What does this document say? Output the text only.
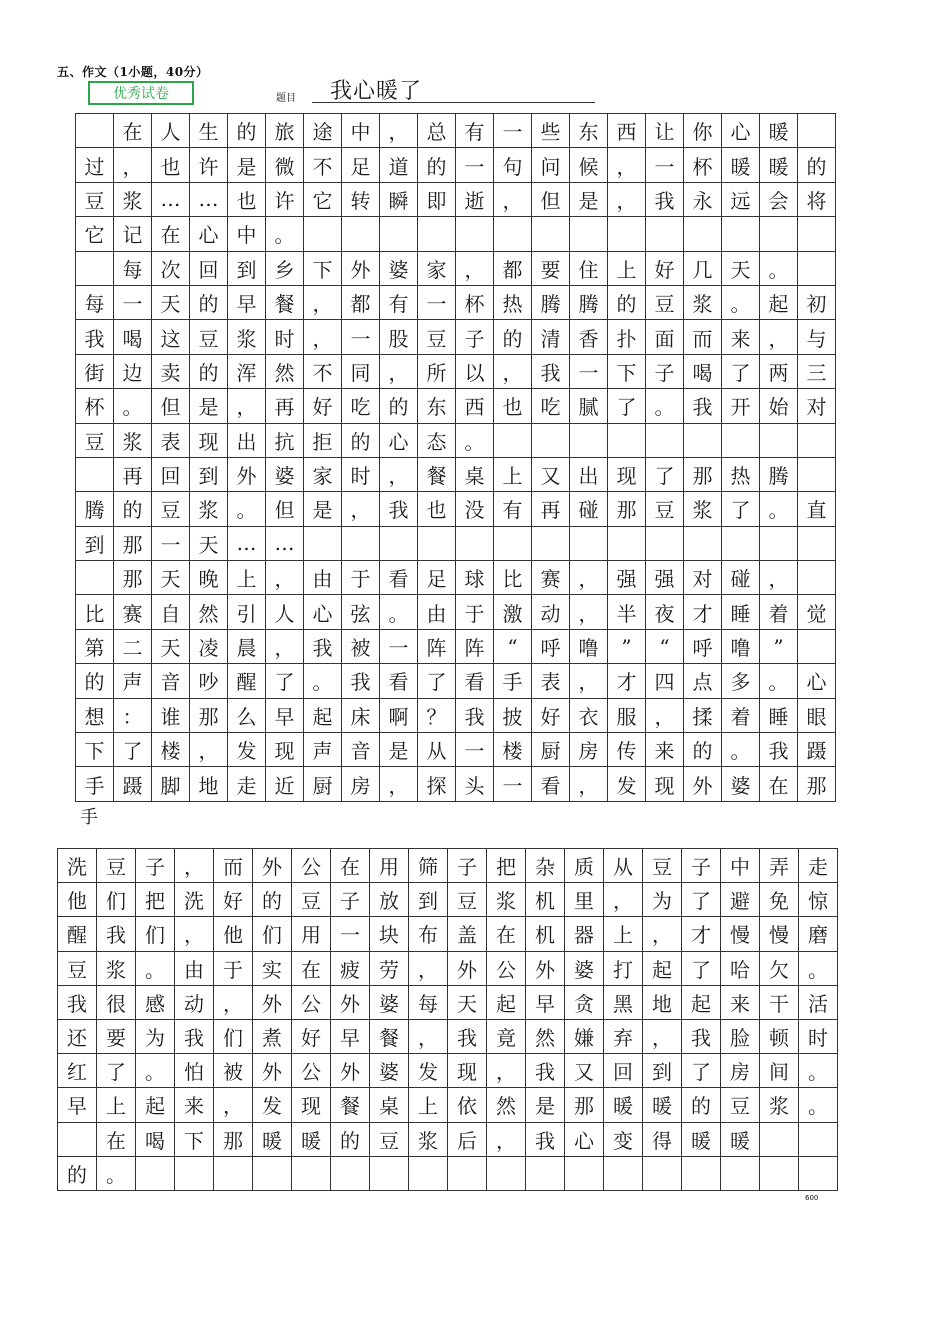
五、作文（1小题，40分）
优秀试卷	题目 我心暖了
在 人 生 的 旅 途 中 ， 总 有 一 些 东 西 让 你 心 暖
过 ， 也 许 是 微 不 足 道 的 一 句 问 候 ， 一 杯 暖 暖 的
豆 浆 … … 也 许 它 转 瞬 即 逝 ， 但 是 ， 我 永 远 会 将
它 记 在 心 中 。
每 次 回 到 乡 下 外 婆 家 ， 都 要 住 上 好 几 天 。
每 一 天 的 早 餐 ， 都 有 一 杯 热 腾 腾 的 豆 浆 。 起 初
我 喝 这 豆 浆 时 ， 一 股 豆 子 的 清 香 扑 面 而 来 ， 与
街 边 卖 的 浑 然 不 同 ， 所 以 ， 我 一 下 子 喝 了 两 三
杯 。 但 是 ， 再 好 吃 的 东 西 也 吃 腻 了 。 我 开 始 对
豆 浆 表 现 出 抗 拒 的 心 态 。
再 回 到 外 婆 家 时 ， 餐 桌 上 又 出 现 了 那 热 腾
腾 的 豆 浆 。 但 是 ， 我 也 没 有 再 碰 那 豆 浆 了 。 直
到 那 一 天 … …
那 天 晚 上 ， 由 于 看 足 球 比 赛 ， 强 强 对 碰 ，
比 赛 自 然 引 人 心 弦 。 由 于 激 动 ， 半 夜 才 睡 着 觉
第 二 天 凌 晨 ， 我 被 一 阵 阵	“	呼 噜	”	“	呼 噜	”
的 声 音 吵 醒 了 。 我 看 了 看 手 表 ， 才 四 点 多 。 心
想 ： 谁 那 么 早 起 床 啊 ？ 我 披 好 衣 服 ， 揉 着 睡 眼
下 了 楼 ， 发 现 声 音 是 从 一 楼 厨 房 传 来 的 。 我 蹑
手 蹑 脚 地 走 近 厨 房 ， 探 头 一 看 ， 发 现 外 婆 在 那
手
洗 豆 子 ， 而 外 公 在 用 筛 子 把 杂 质 从 豆 子 中 弄 走
他 们 把 洗 好 的 豆 子 放 到 豆 浆 机 里 ， 为 了 避 免 惊
醒 我 们 ， 他 们 用 一 块 布 盖 在 机 器 上 ， 才 慢 慢 磨
豆 浆 。 由 于 实 在 疲 劳 ， 外 公 外 婆 打 起 了 哈 欠 。
我 很 感 动 ， 外 公 外 婆 每 天 起 早 贪 黑 地 起 来 干 活
还 要 为 我 们 煮 好 早 餐 ， 我 竟 然 嫌 弃 ， 我 脸 顿 时
红 了 。 怕 被 外 公 外 婆 发 现 ， 我 又 回 到 了 房 间 。
早 上 起 来 ， 发 现 餐 桌 上 依 然 是 那 暖 暖 的 豆 浆 。
在 喝 下 那 暖 暖 的 豆 浆 后 ， 我 心 变 得 暖 暖
的 。
600
